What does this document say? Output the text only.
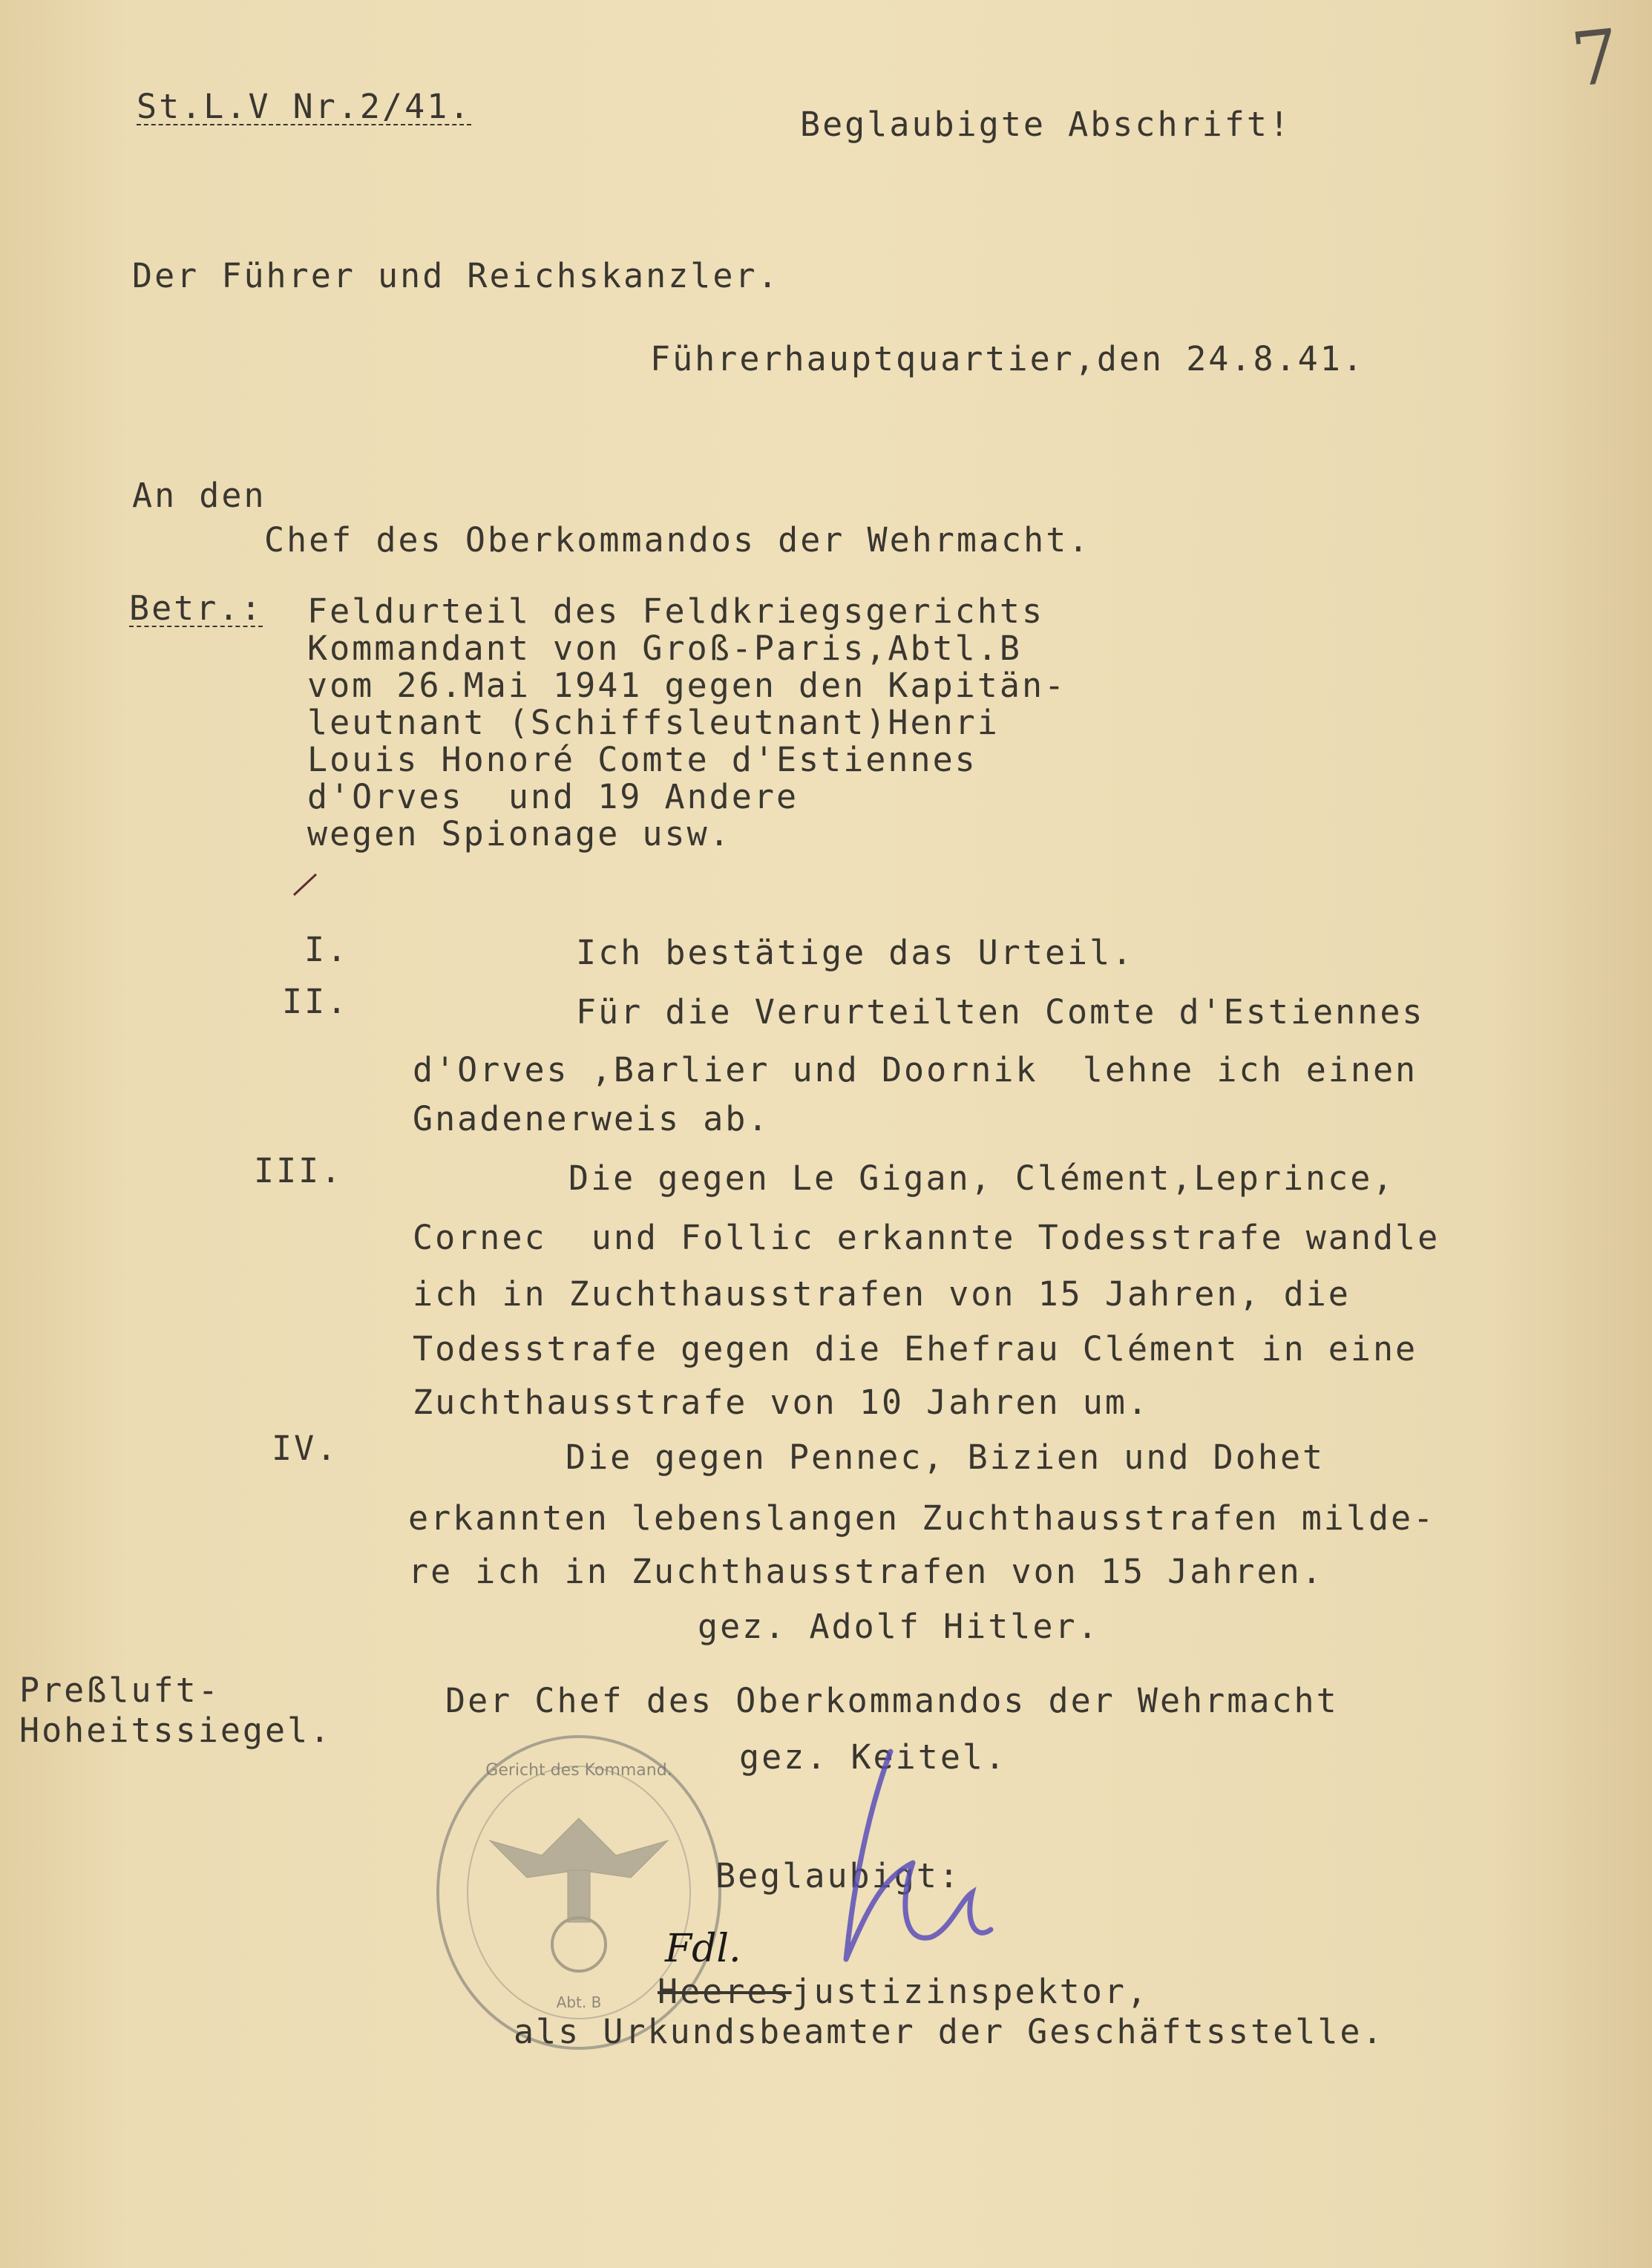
7
St.L.V Nr.2/41.	Beglaubigte Abschrift!
Der Führer und Reichskanzler.
Führerhauptquartier,den 24.8.41.
An den
Chef des Oberkommandos der Wehrmacht.
Betr.: Feldurteil des Feldkriegsgerichts
Kommandant von Groß-Paris,Abtl.B
vom 26.Mai 1941 gegen den Kapitän-
leutnant (Schiffsleutnant)Henri
Louis Honoré Comte d'Estiennes
d'Orves  und 19 Andere
wegen Spionage usw.
I.	Ich bestätige das Urteil.
II.	Für die Verurteilten Comte d'Estiennes
d'Orves ,Barlier und Doornik  lehne ich einen
Gnadenerweis ab.
III.	Die gegen Le Gigan, Clément,Leprince,
Cornec  und Follic erkannte Todesstrafe wandle
ich in Zuchthausstrafen von 15 Jahren, die
Todesstrafe gegen die Ehefrau Clément in eine
Zuchthausstrafe von 10 Jahren um.
IV.	Die gegen Pennec, Bizien und Dohet
erkannten lebenslangen Zuchthausstrafen milde-
re ich in Zuchthausstrafen von 15 Jahren.
gez. Adolf Hitler.
Preßluft-
Hoheitssiegel.
Der Chef des Oberkommandos der Wehrmacht
gez. Keitel.
Gericht des Kommand.
Abt. B
Beglaubigt:
Fdl.
Heeresjustizinspektor,
als Urkundsbeamter der Geschäftsstelle.
